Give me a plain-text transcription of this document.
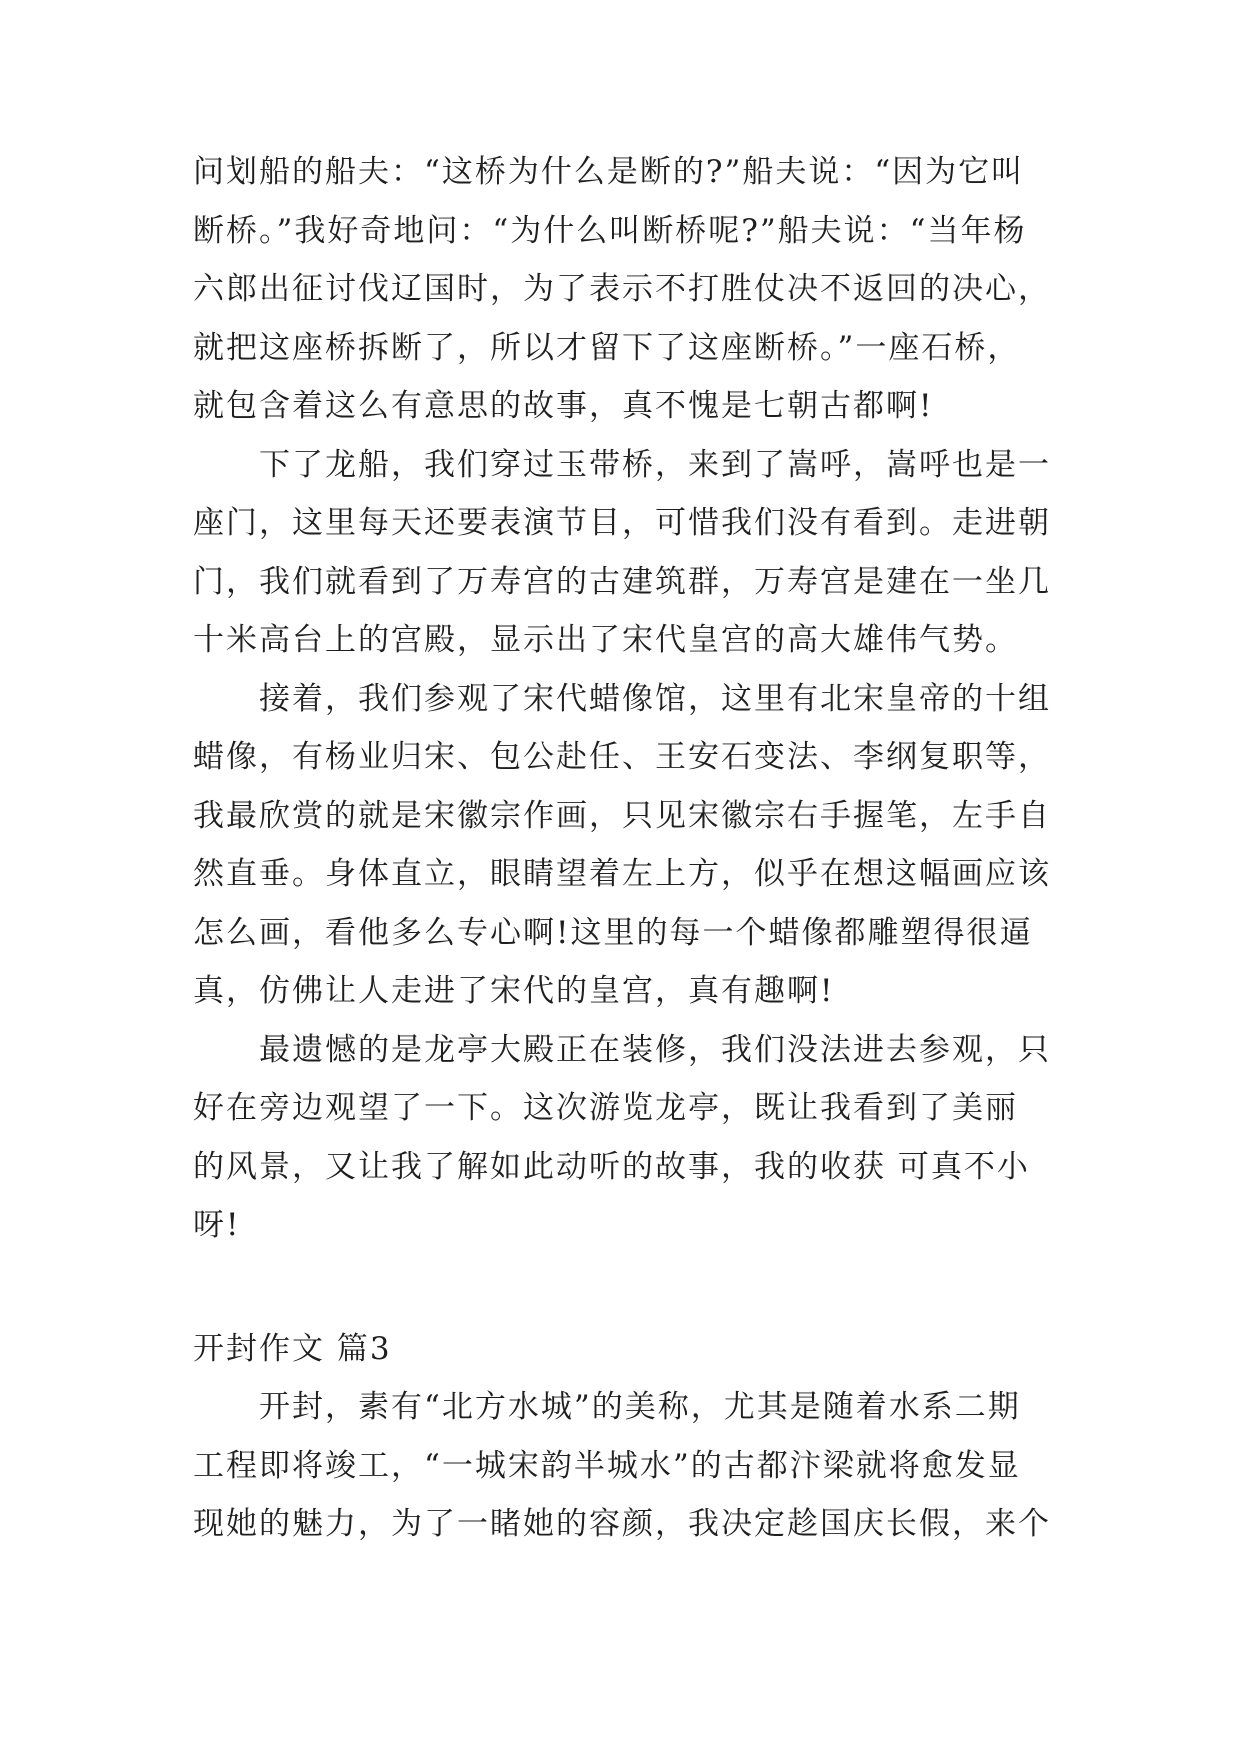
问划船的船夫：“这桥为什么是断的?”船夫说：“因为它叫

断桥。”我好奇地问：“为什么叫断桥呢?”船夫说：“当年杨

六郎出征讨伐辽国时，为了表示不打胜仗决不返回的决心，

就把这座桥拆断了，所以才留下了这座断桥。”一座石桥，

就包含着这么有意思的故事，真不愧是七朝古都啊!

　　下了龙船，我们穿过玉带桥，来到了嵩呼，嵩呼也是一

座门，这里每天还要表演节目，可惜我们没有看到。走进朝

门，我们就看到了万寿宫的古建筑群，万寿宫是建在一坐几

十米高台上的宫殿，显示出了宋代皇宫的高大雄伟气势。

　　接着，我们参观了宋代蜡像馆，这里有北宋皇帝的十组

蜡像，有杨业归宋、包公赴任、王安石变法、李纲复职等，

我最欣赏的就是宋徽宗作画，只见宋徽宗右手握笔，左手自

然直垂。身体直立，眼睛望着左上方，似乎在想这幅画应该

怎么画，看他多么专心啊!这里的每一个蜡像都雕塑得很逼

真，仿佛让人走进了宋代的皇宫，真有趣啊!

　　最遗憾的是龙亭大殿正在装修，我们没法进去参观，只

好在旁边观望了一下。这次游览龙亭，既让我看到了美丽

的风景，又让我了解如此动听的故事，我的收获 可真不小

呀!

开封作文 篇3

　　开封，素有“北方水城”的美称，尤其是随着水系二期

工程即将竣工，“一城宋韵半城水”的古都汴梁就将愈发显

现她的魅力，为了一睹她的容颜，我决定趁国庆长假，来个
